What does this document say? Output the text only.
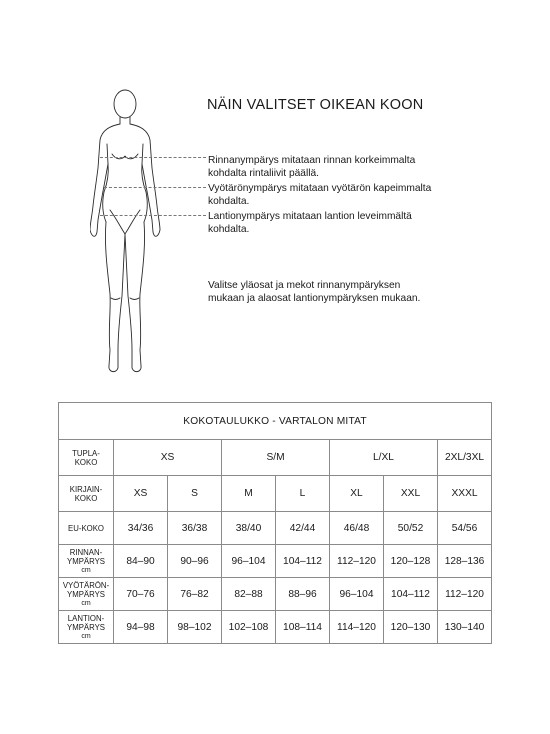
NÄIN VALITSET OIKEAN KOON
Rinnanympärys mitataan rinnan korkeimmalta
kohdalta rintaliivit päällä.
Vyötärönympärys mitataan vyötärön kapeimmalta
kohdalta.
Lantionympärys mitataan lantion leveimmältä
kohdalta.
Valitse yläosat ja mekot rinnanympäryksen
mukaan ja alaosat lantionympäryksen mukaan.
KOKOTAULUKKO - VARTALON MITAT							

TUPLA-
KOKO	XS		S/M		L/XL		2XL/3XL

KIRJAIN-
KOKO	XS	S	M	L	XL	XXL	XXXL

EU-KOKO	34/36	36/38	38/40	42/44	46/48	50/52	54/56

RINNAN-
YMPÄRYS
cm	84–90	90–96	96–104	104–112	112–120	120–128	128–136

VYÖTÄRÖN-
YMPÄRYS
cm	70–76	76–82	82–88	88–96	96–104	104–112	112–120

LANTION-
YMPÄRYS
cm	94–98	98–102	102–108	108–114	114–120	120–130	130–140
